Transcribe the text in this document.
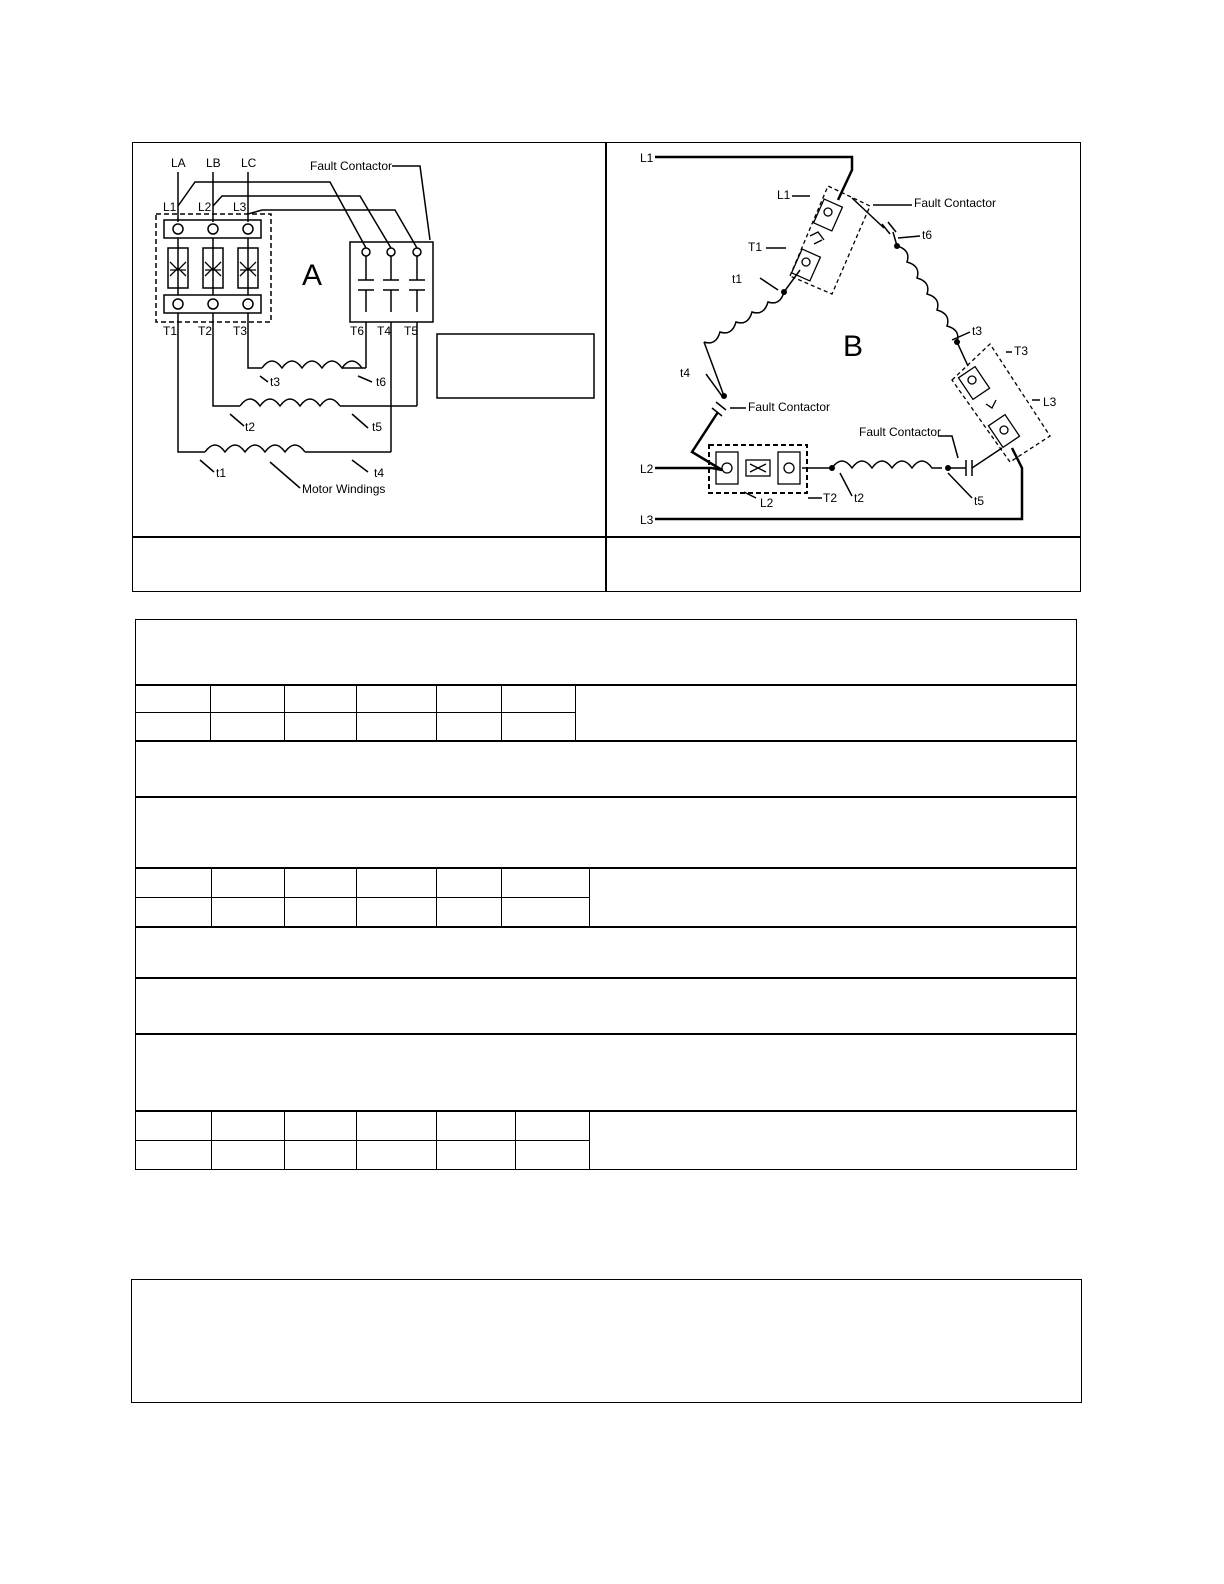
A
LA LB LC
L1 L2 L3
T1 T2 T3	T6 T4 T5
t3	t6
t2	t5
t1	t4
Fault Contactor
Motor Windings
B
L1
L2
L3
L1
T1
T3
L3
L2	T2
t6
t1
t3
t4
t2	t5
Fault Contactor
Fault Contactor
Fault Contactor
